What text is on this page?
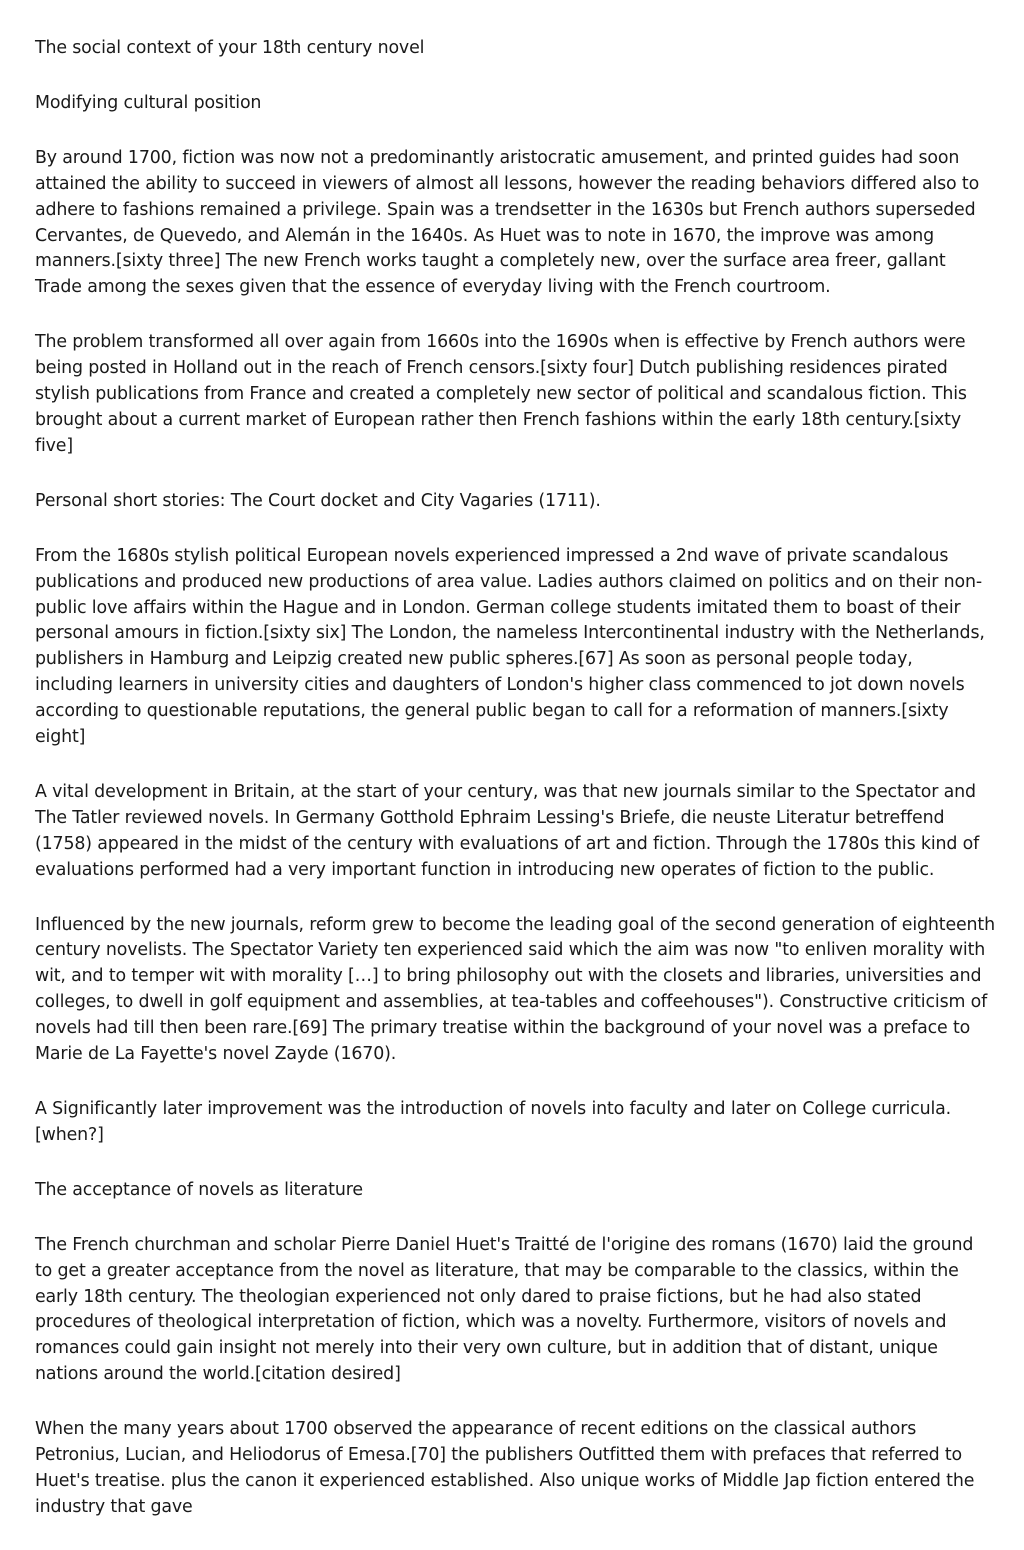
The social context of your 18th century novel

Modifying cultural position

By around 1700, fiction was now not a predominantly aristocratic amusement, and printed guides had soon attained the ability to succeed in viewers of almost all lessons, however the reading behaviors differed also to adhere to fashions remained a privilege. Spain was a trendsetter in the 1630s but French authors superseded Cervantes, de Quevedo, and Alemán in the 1640s. As Huet was to note in 1670, the improve was among manners.[sixty three] The new French works taught a completely new, over the surface area freer, gallant Trade among the sexes given that the essence of everyday living with the French courtroom.

The problem transformed all over again from 1660s into the 1690s when is effective by French authors were being posted in Holland out in the reach of French censors.[sixty four] Dutch publishing residences pirated stylish publications from France and created a completely new sector of political and scandalous fiction. This brought about a current market of European rather then French fashions within the early 18th century.[sixty five]

Personal short stories: The Court docket and City Vagaries (1711).

From the 1680s stylish political European novels experienced impressed a 2nd wave of private scandalous publications and produced new productions of area value. Ladies authors claimed on politics and on their non-public love affairs within the Hague and in London. German college students imitated them to boast of their personal amours in fiction.[sixty six] The London, the nameless Intercontinental industry with the Netherlands, publishers in Hamburg and Leipzig created new public spheres.[67] As soon as personal people today, including learners in university cities and daughters of London's higher class commenced to jot down novels according to questionable reputations, the general public began to call for a reformation of manners.[sixty eight]

A vital development in Britain, at the start of your century, was that new journals similar to the Spectator and The Tatler reviewed novels. In Germany Gotthold Ephraim Lessing's Briefe, die neuste Literatur betreffend (1758) appeared in the midst of the century with evaluations of art and fiction. Through the 1780s this kind of evaluations performed had a very important function in introducing new operates of fiction to the public.

Influenced by the new journals, reform grew to become the leading goal of the second generation of eighteenth century novelists. The Spectator Variety ten experienced said which the aim was now "to enliven morality with wit, and to temper wit with morality […] to bring philosophy out with the closets and libraries, universities and colleges, to dwell in golf equipment and assemblies, at tea-tables and coffeehouses"). Constructive criticism of novels had till then been rare.[69] The primary treatise within the background of your novel was a preface to Marie de La Fayette's novel Zayde (1670).

A Significantly later improvement was the introduction of novels into faculty and later on College curricula.[when?]

The acceptance of novels as literature

The French churchman and scholar Pierre Daniel Huet's Traitté de l'origine des romans (1670) laid the ground to get a greater acceptance from the novel as literature, that may be comparable to the classics, within the early 18th century. The theologian experienced not only dared to praise fictions, but he had also stated procedures of theological interpretation of fiction, which was a novelty. Furthermore, visitors of novels and romances could gain insight not merely into their very own culture, but in addition that of distant, unique nations around the world.[citation desired]

When the many years about 1700 observed the appearance of recent editions on the classical authors Petronius, Lucian, and Heliodorus of Emesa.[70] the publishers Outfitted them with prefaces that referred to Huet's treatise. plus the canon it experienced established. Also unique works of Middle Jap fiction entered the industry that gave
